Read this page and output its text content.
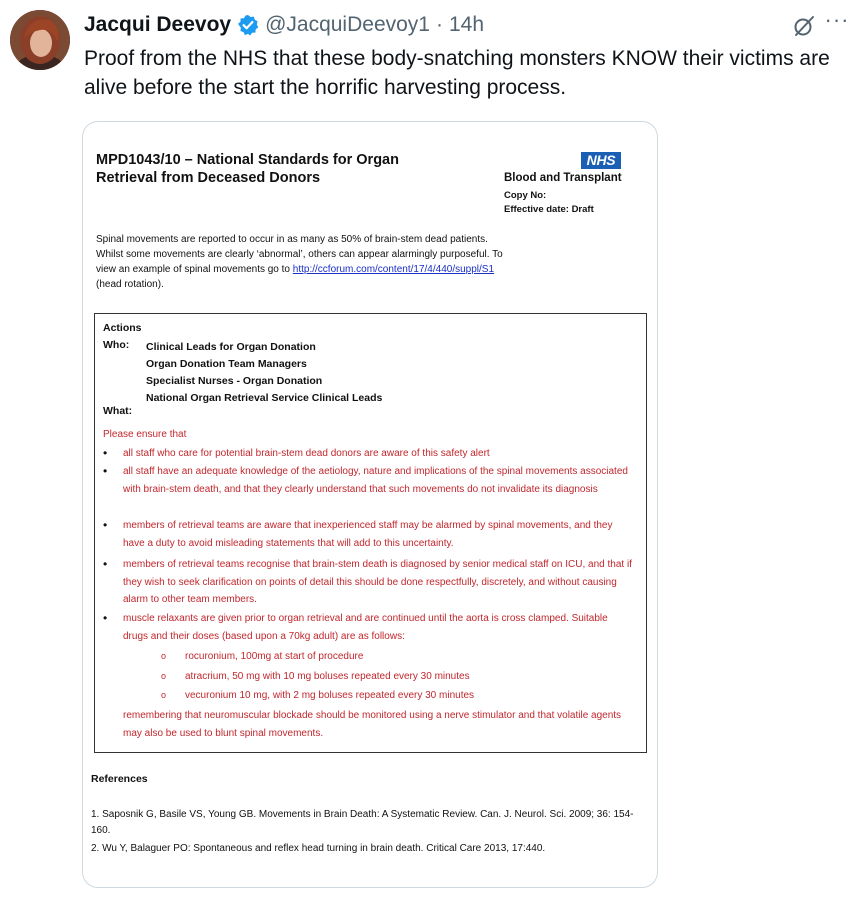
Jacqui Deevoy @JacquiDeevoy1 · 14h	···
Proof from the NHS that these body-snatching monsters KNOW their victims are alive before the start the horrific harvesting process.
MPD1043/10 – National Standards for Organ
Retrieval from Deceased Donors
NHS
Blood and Transplant
Copy No:
Effective date: Draft
Spinal movements are reported to occur in as many as 50% of brain-stem dead patients.
Whilst some movements are clearly ‘abnormal’, others can appear alarmingly purposeful. To
view an example of spinal movements go to http://ccforum.com/content/17/4/440/suppl/S1
(head rotation).
Actions
Who: Clinical Leads for Organ Donation
Organ Donation Team Managers
Specialist Nurses - Organ Donation
National Organ Retrieval Service Clinical Leads
What:
Please ensure that
•	all staff who care for potential brain-stem dead donors are aware of this safety alert
•	all staff have an adequate knowledge of the aetiology, nature and implications of the spinal movements associated with brain-stem death, and that they clearly understand that such movements do not invalidate its diagnosis
•	members of retrieval teams are aware that inexperienced staff may be alarmed by spinal movements, and they have a duty to avoid misleading statements that will add to this uncertainty.
•	members of retrieval teams recognise that brain-stem death is diagnosed by senior medical staff on ICU, and that if they wish to seek clarification on points of detail this should be done respectfully, discretely, and without causing alarm to other team members.
•	muscle relaxants are given prior to organ retrieval and are continued until the aorta is cross clamped. Suitable drugs and their doses (based upon a 70kg adult) are as follows:
o	rocuronium, 100mg at start of procedure
o	atracrium, 50 mg with 10 mg boluses repeated every 30 minutes
o	vecuronium 10 mg, with 2 mg boluses repeated every 30 minutes
remembering that neuromuscular blockade should be monitored using a nerve stimulator and that volatile agents may also be used to blunt spinal movements.
References
1. Saposnik G, Basile VS, Young GB. Movements in Brain Death: A Systematic Review. Can. J. Neurol. Sci. 2009; 36: 154-160.
2. Wu Y, Balaguer PO: Spontaneous and reflex head turning in brain death. Critical Care 2013, 17:440.
